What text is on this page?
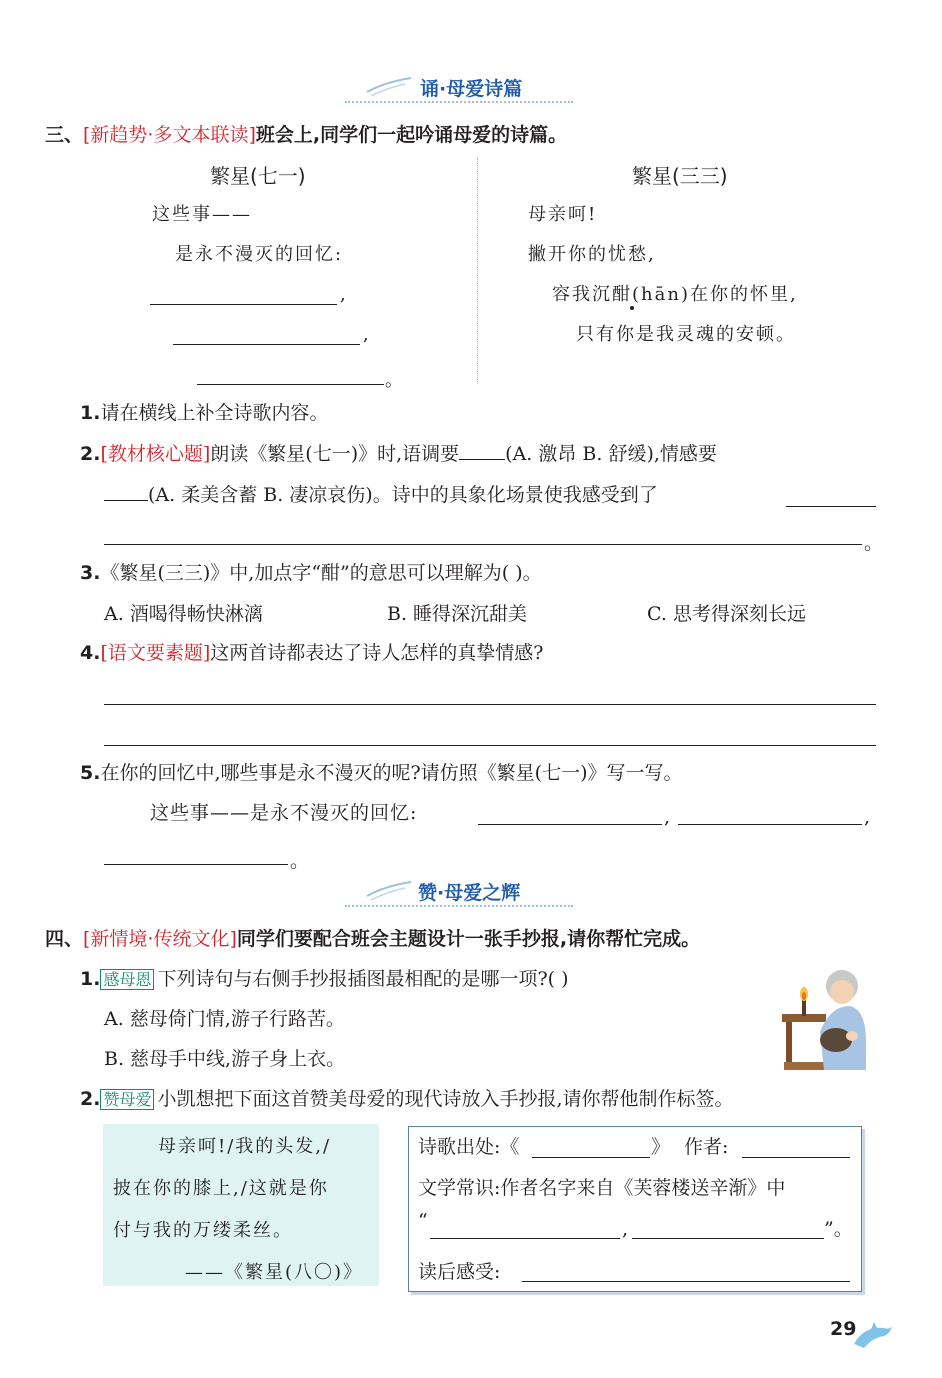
诵·母爱诗篇
三、[新趋势·多文本联读]班会上,同学们一起吟诵母爱的诗篇。
繁星(七一)
这些事——
是永不漫灭的回忆:
,
,
。
繁星(三三)
母亲呵!
撇开你的忧愁,
容我沉酣(hān)在你的怀里,
只有你是我灵魂的安顿。
1.请在横线上补全诗歌内容。
2.[教材核心题]朗读《繁星(七一)》时,语调要 (A. 激昂 B. 舒缓),情感要
(A. 柔美含蓄 B. 凄凉哀伤)。诗中的具象化场景使我感受到了
。
3.《繁星(三三)》中,加点字“酣”的意思可以理解为( )。
A. 酒喝得畅快淋漓	B. 睡得深沉甜美	C. 思考得深刻长远
4.[语文要素题]这两首诗都表达了诗人怎样的真挚情感?
5.在你的回忆中,哪些事是永不漫灭的呢?请仿照《繁星(七一)》写一写。
这些事——是永不漫灭的回忆:	,	,
。
赞·母爱之辉
四、[新情境·传统文化]同学们要配合班会主题设计一张手抄报,请你帮忙完成。
1. 感母恩 下列诗句与右侧手抄报插图最相配的是哪一项?( )
A. 慈母倚门情,游子行路苦。
B. 慈母手中线,游子身上衣。
2. 赞母爱 小凯想把下面这首赞美母爱的现代诗放入手抄报,请你帮他制作标签。
母亲呵!/我的头发,/
披在你的膝上,/这就是你
付与我的万缕柔丝。
——《繁星(八〇)》
诗歌出处:《	》 作者:
文学常识:作者名字来自《芙蓉楼送辛渐》中
“	,	”。
读后感受:
29
